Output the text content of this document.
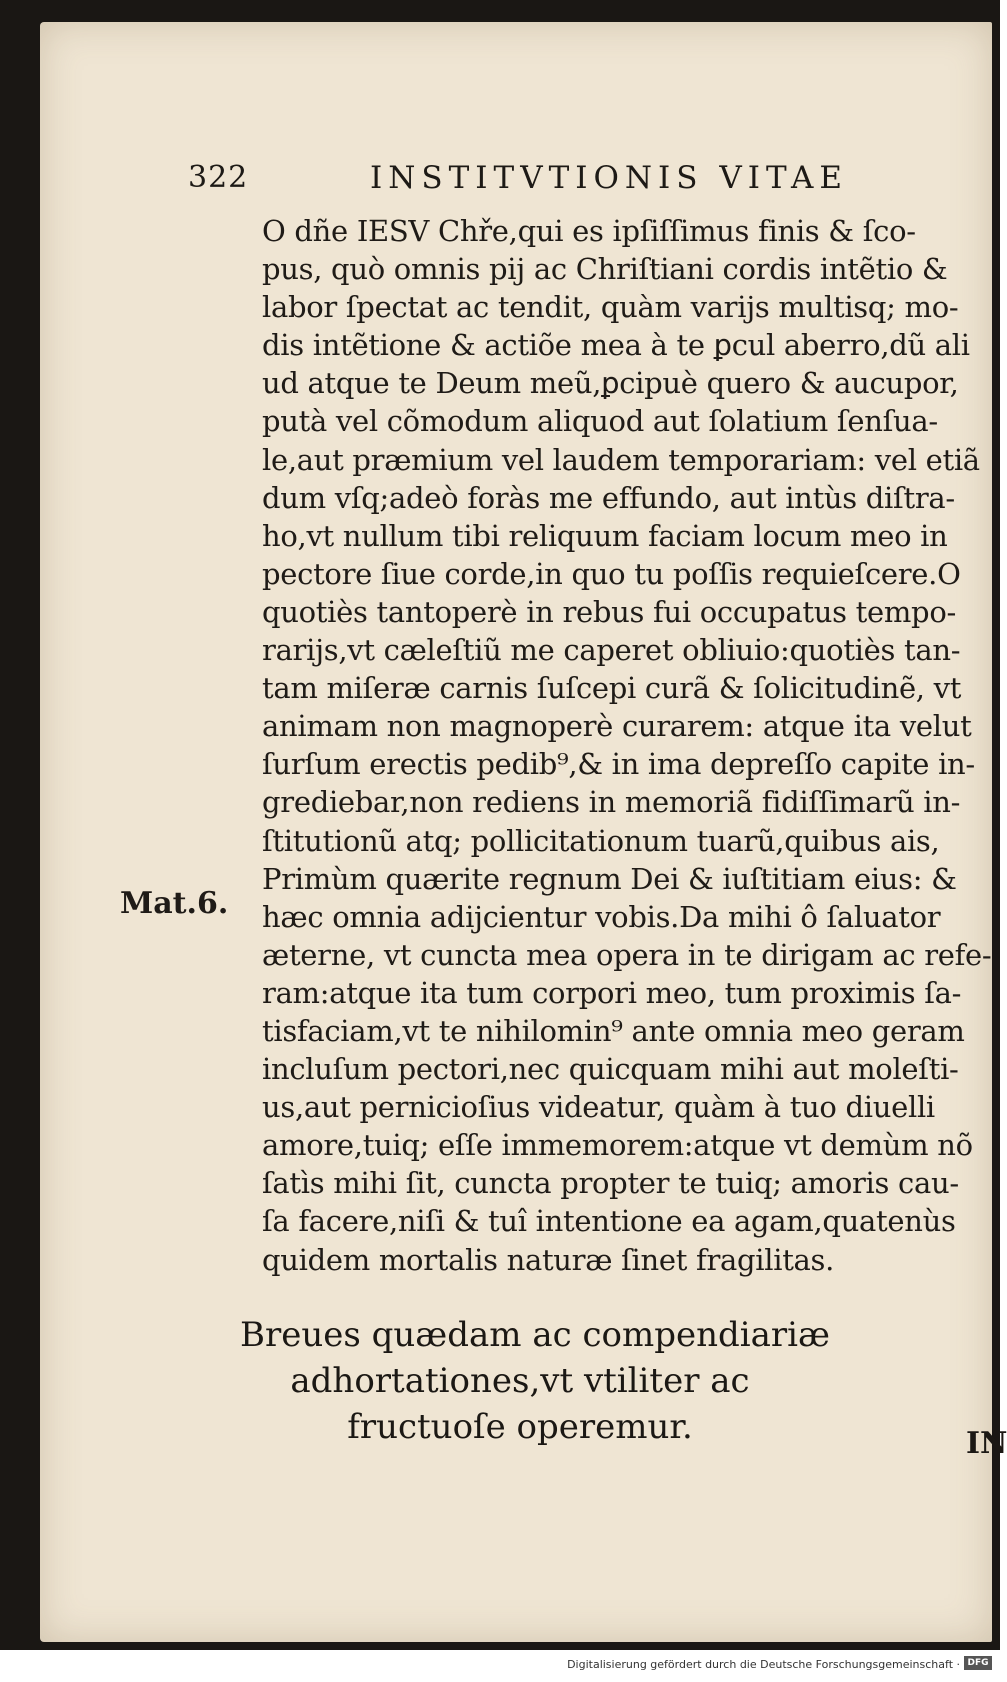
322	INSTITVTIONIS VITAE
O dñe IESV Chře,qui es ipſiſſimus finis & ſco-
pus, quò omnis pij ac Chriſtiani cordis intẽtio &
labor ſpectat ac tendit, quàm varijs multisq; mo-
dis intẽtione & actiõe mea à te ꝑcul aberro,dũ ali
ud atque te Deum meũ,ꝑcipuè quero & aucupor,
putà vel cõmodum aliquod aut ſolatium ſenſua-
le,aut præmium vel laudem temporariam: vel etiã
dum vſq;adeò foràs me effundo, aut intùs diſtra-
ho,vt nullum tibi reliquum faciam locum meo in
pectore ſiue corde,in quo tu poſſis requieſcere.O
quotiès tantoperè in rebus fui occupatus tempo-
rarijs,vt cæleſtiũ me caperet obliuio:quotiès tan-
tam miſeræ carnis ſuſcepi curã & ſolicitudinẽ, vt
animam non magnoperè curarem: atque ita velut
ſurſum erectis pedib⁹,& in ima depreſſo capite in-
grediebar,non rediens in memoriã fidiſſimarũ in-
ſtitutionũ atq; pollicitationum tuarũ,quibus ais,
Primùm quærite regnum Dei & iuſtitiam eius: &
hæc omnia adijcientur vobis.Da mihi ô ſaluator
æterne, vt cuncta mea opera in te dirigam ac refe-
ram:atque ita tum corpori meo, tum proximis ſa-
tisfaciam,vt te nihilomin⁹ ante omnia meo geram
incluſum pectori,nec quicquam mihi aut moleſti-
us,aut pernicioſius videatur, quàm à tuo diuelli
amore,tuiq; eſſe immemorem:atque vt demùm nõ
ſatìs mihi ſit, cuncta propter te tuiq; amoris cau-
ſa facere,niſi & tuî intentione ea agam,quatenùs
quidem mortalis naturæ ſinet fragilitas.
Mat.6.
Breues quædam ac compendiariæ
adhortationes,vt vtiliter ac
fructuoſe operemur.	IN
Digitalisierung gefördert durch die Deutsche Forschungsgemeinschaft · DFG
